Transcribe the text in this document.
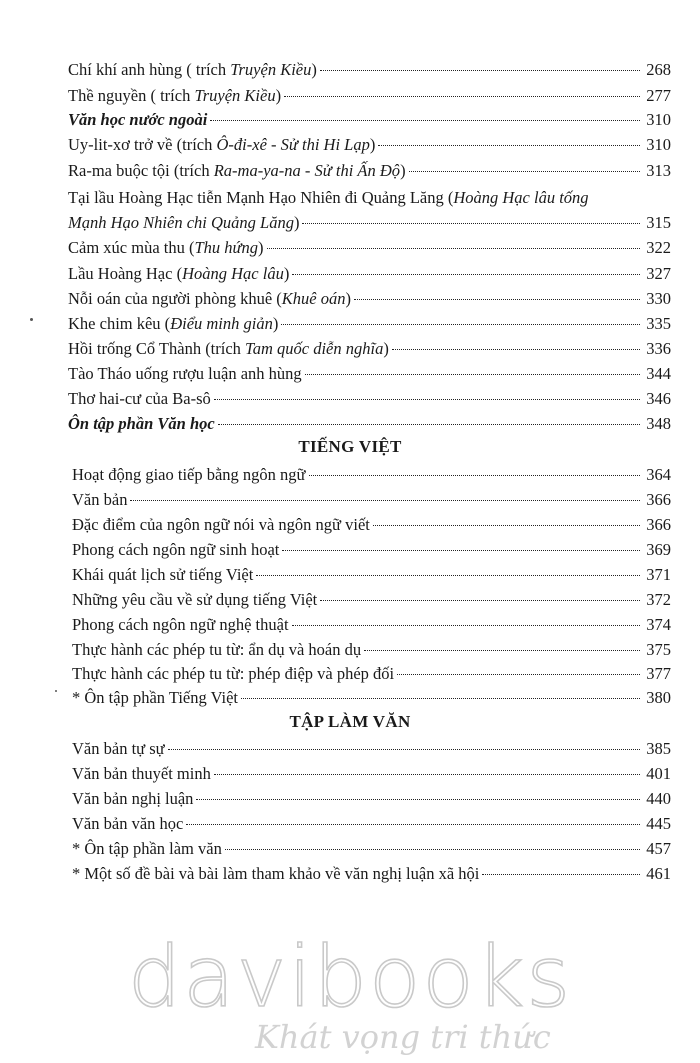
Chí khí anh hùng ( trích Truyện Kiều)	268
Thề nguyền ( trích Truyện Kiều)	277
Văn học nước ngoài	310
Uy-lit-xơ trở về (trích Ô-đi-xê - Sử thi Hi Lạp)	310
Ra-ma buộc tội (trích Ra-ma-ya-na - Sử thi Ấn Độ)	313
Tại lầu Hoàng Hạc tiễn Mạnh Hạo Nhiên đi Quảng Lăng (Hoàng Hạc lâu tống
Mạnh Hạo Nhiên chi Quảng Lăng)	315
Cảm xúc mùa thu (Thu hứng)	322
Lầu Hoàng Hạc (Hoàng Hạc lâu)	327
Nỗi oán của người phòng khuê (Khuê oán)	330
Khe chim kêu (Điểu minh giản)	335
Hồi trống Cổ Thành (trích Tam quốc diễn nghĩa)	336
Tào Tháo uống rượu luận anh hùng	344
Thơ hai-cư của Ba-sô	346
Ôn tập phần Văn học	348
TIẾNG VIỆT
Hoạt động giao tiếp bằng ngôn ngữ	364
Văn bản	366
Đặc điểm của ngôn ngữ nói và ngôn ngữ viết	366
Phong cách ngôn ngữ sinh hoạt	369
Khái quát lịch sử tiếng Việt	371
Những yêu cầu về sử dụng tiếng Việt	372
Phong cách ngôn ngữ nghệ thuật	374
Thực hành các phép tu từ: ẩn dụ và hoán dụ	375
Thực hành các phép tu từ: phép điệp và phép đối	377
* Ôn tập phần Tiếng Việt	380
TẬP LÀM VĂN
Văn bản tự sự	385
Văn bản thuyết minh	401
Văn bản nghị luận	440
Văn bản văn học	445
* Ôn tập phần làm văn	457
* Một số đề bài và bài làm tham khảo về văn nghị luận xã hội	461
davibooks
Khát vọng tri thức
